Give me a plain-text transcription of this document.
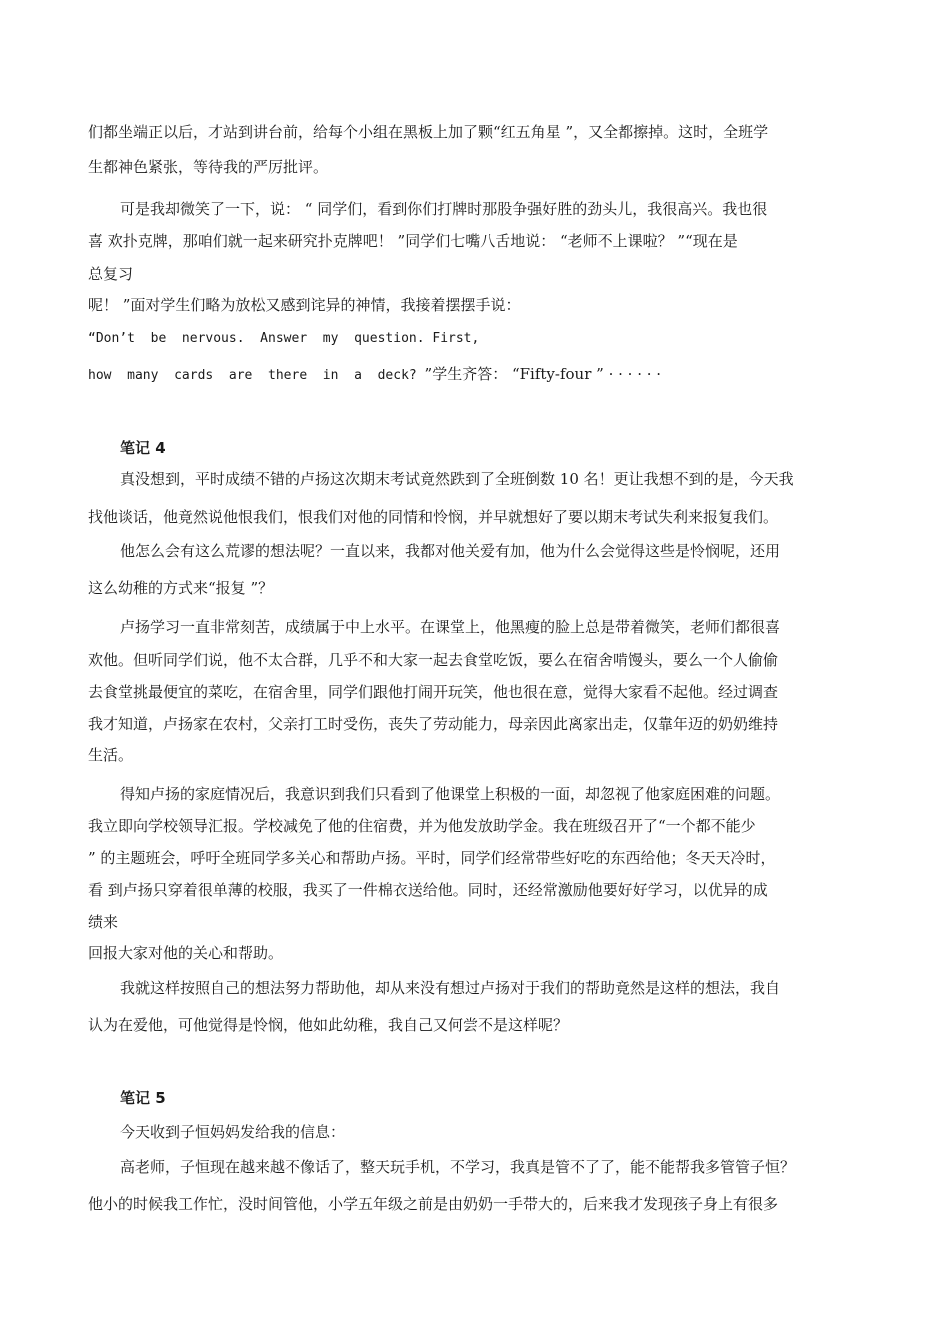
们都坐端正以后，才站到讲台前，给每个小组在黑板上加了颗“红五角星 ”，又全都擦掉。这时，全班学
生都神色紧张，等待我的严厉批评。
可是我却微笑了一下，说： “ 同学们，看到你们打牌时那股争强好胜的劲头儿，我很高兴。我也很
喜 欢扑克牌，那咱们就一起来研究扑克牌吧！ ”同学们七嘴八舌地说： “老师不上课啦？ ”“现在是
总复习
呢！ ”面对学生们略为放松又感到诧异的神情，我接着摆摆手说：
“Don’t  be  nervous.  Answer  my  question. First,
how  many  cards  are  there  in  a  deck? ”学生齐答： “Fifty-four ” · · · · · ·
笔记 4
真没想到，平时成绩不错的卢扬这次期末考试竟然跌到了全班倒数 10 名！更让我想不到的是，今天我
找他谈话，他竟然说他恨我们，恨我们对他的同情和怜悯，并早就想好了要以期末考试失利来报复我们。
他怎么会有这么荒谬的想法呢？一直以来，我都对他关爱有加，他为什么会觉得这些是怜悯呢，还用
这么幼稚的方式来“报复 ”？
卢扬学习一直非常刻苦，成绩属于中上水平。在课堂上，他黑瘦的脸上总是带着微笑，老师们都很喜
欢他。但听同学们说，他不太合群，几乎不和大家一起去食堂吃饭，要么在宿舍啃馒头，要么一个人偷偷
去食堂挑最便宜的菜吃，在宿舍里，同学们跟他打闹开玩笑，他也很在意，觉得大家看不起他。经过调查
我才知道，卢扬家在农村，父亲打工时受伤，丧失了劳动能力，母亲因此离家出走，仅靠年迈的奶奶维持
生活。
得知卢扬的家庭情况后，我意识到我们只看到了他课堂上积极的一面，却忽视了他家庭困难的问题。
我立即向学校领导汇报。学校减免了他的住宿费，并为他发放助学金。我在班级召开了“一个都不能少
” 的主题班会，呼吁全班同学多关心和帮助卢扬。平时，同学们经常带些好吃的东西给他；冬天天冷时，
看 到卢扬只穿着很单薄的校服，我买了一件棉衣送给他。同时，还经常激励他要好好学习，以优异的成
绩来
回报大家对他的关心和帮助。
我就这样按照自己的想法努力帮助他，却从来没有想过卢扬对于我们的帮助竟然是这样的想法，我自
认为在爱他，可他觉得是怜悯，他如此幼稚，我自己又何尝不是这样呢？
笔记 5
今天收到子恒妈妈发给我的信息：
高老师，子恒现在越来越不像话了，整天玩手机，不学习，我真是管不了了，能不能帮我多管管子恒？
他小的时候我工作忙，没时间管他，小学五年级之前是由奶奶一手带大的，后来我才发现孩子身上有很多
